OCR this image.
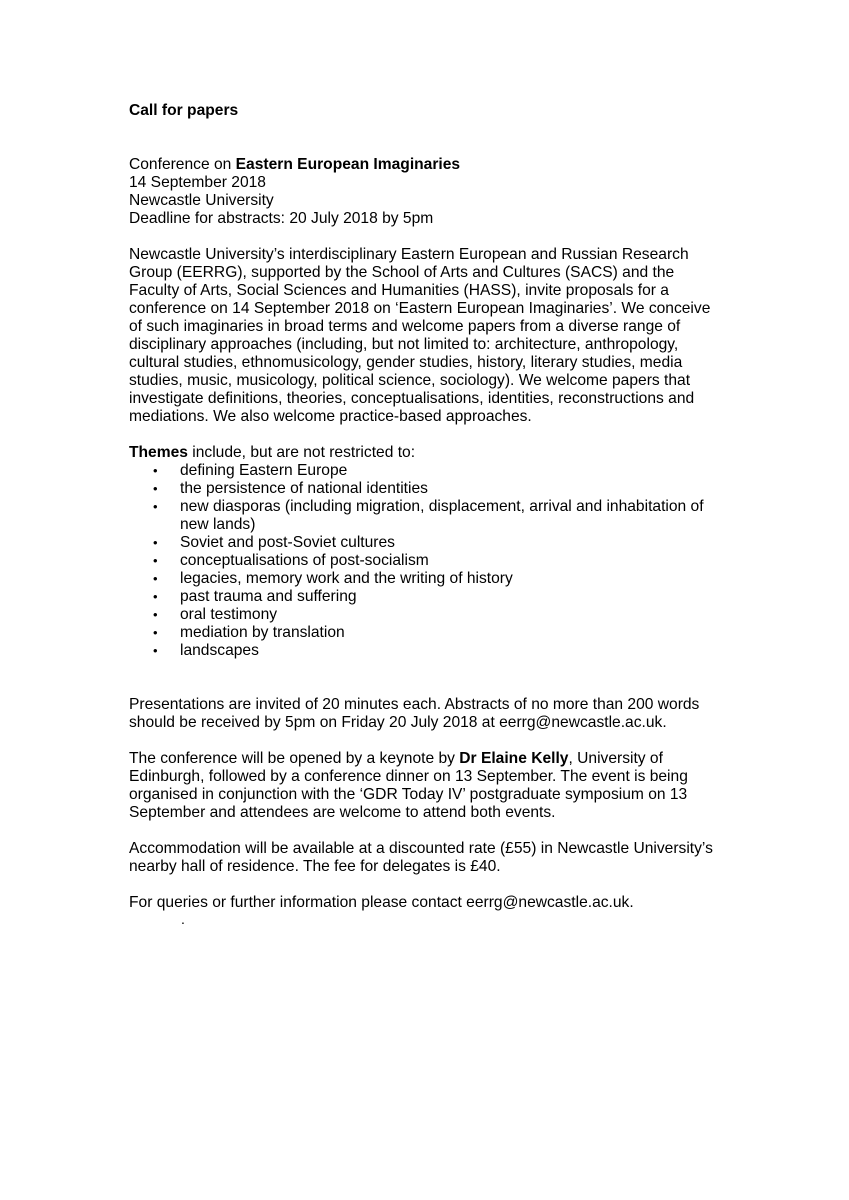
Call for papers

Conference on Eastern European Imaginaries

14 September 2018

Newcastle University

Deadline for abstracts: 20 July 2018 by 5pm

Newcastle University’s interdisciplinary Eastern European and Russian Research

Group (EERRG), supported by the School of Arts and Cultures (SACS) and the

Faculty of Arts, Social Sciences and Humanities (HASS), invite proposals for a

conference on 14 September 2018 on ‘Eastern European Imaginaries’. We conceive

of such imaginaries in broad terms and welcome papers from a diverse range of

disciplinary approaches (including, but not limited to: architecture, anthropology,

cultural studies, ethnomusicology, gender studies, history, literary studies, media

studies, music, musicology, political science, sociology). We welcome papers that

investigate definitions, theories, conceptualisations, identities, reconstructions and

mediations. We also welcome practice-based approaches.

Themes include, but are not restricted to:

• defining Eastern Europe
• the persistence of national identities
• new diasporas (including migration, displacement, arrival and inhabitation of
new lands)
• Soviet and post-Soviet cultures
• conceptualisations of post-socialism
• legacies, memory work and the writing of history
• past trauma and suffering
• oral testimony
• mediation by translation
• landscapes

Presentations are invited of 20 minutes each. Abstracts of no more than 200 words

should be received by 5pm on Friday 20 July 2018 at eerrg@newcastle.ac.uk.

The conference will be opened by a keynote by Dr Elaine Kelly, University of

Edinburgh, followed by a conference dinner on 13 September. The event is being

organised in conjunction with the ‘GDR Today IV’ postgraduate symposium on 13

September and attendees are welcome to attend both events.

Accommodation will be available at a discounted rate (£55) in Newcastle University’s

nearby hall of residence. The fee for delegates is £40.

For queries or further information please contact eerrg@newcastle.ac.uk.

.
